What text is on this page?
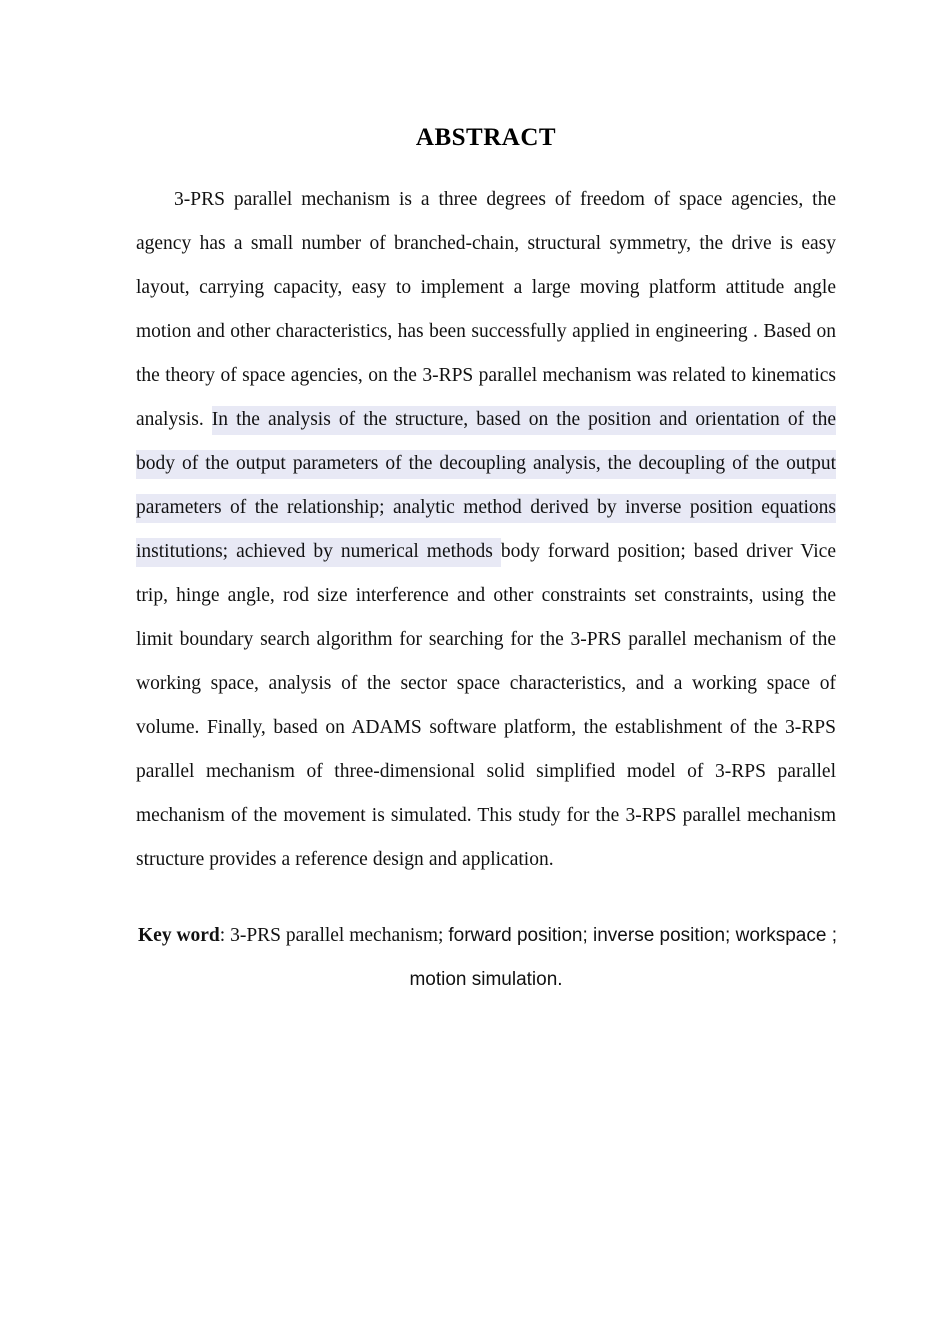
ABSTRACT

3-PRS parallel mechanism is a three degrees of freedom of space agencies, the agency has a small number of branched-chain, structural symmetry, the drive is easy layout, carrying capacity, easy to implement a large moving platform attitude angle motion and other characteristics, has been successfully applied in engineering . Based on the theory of space agencies, on the 3-RPS parallel mechanism was related to kinematics analysis. In the analysis of the structure, based on the position and orientation of the body of the output parameters of the decoupling analysis, the decoupling of the output parameters of the relationship; analytic method derived by inverse position equations institutions; achieved by numerical methods body forward position; based driver Vice trip, hinge angle, rod size interference and other constraints set constraints, using the limit boundary search algorithm for searching for the 3-PRS parallel mechanism of the working space, analysis of the sector space characteristics, and a working space of volume. Finally, based on ADAMS software platform, the establishment of the 3-RPS parallel mechanism of three-dimensional solid simplified model of 3-RPS parallel mechanism of the movement is simulated. This study for the 3-RPS parallel mechanism structure provides a reference design and application.

Key word: 3-PRS parallel mechanism; forward position; inverse position; workspace ;
motion simulation.
